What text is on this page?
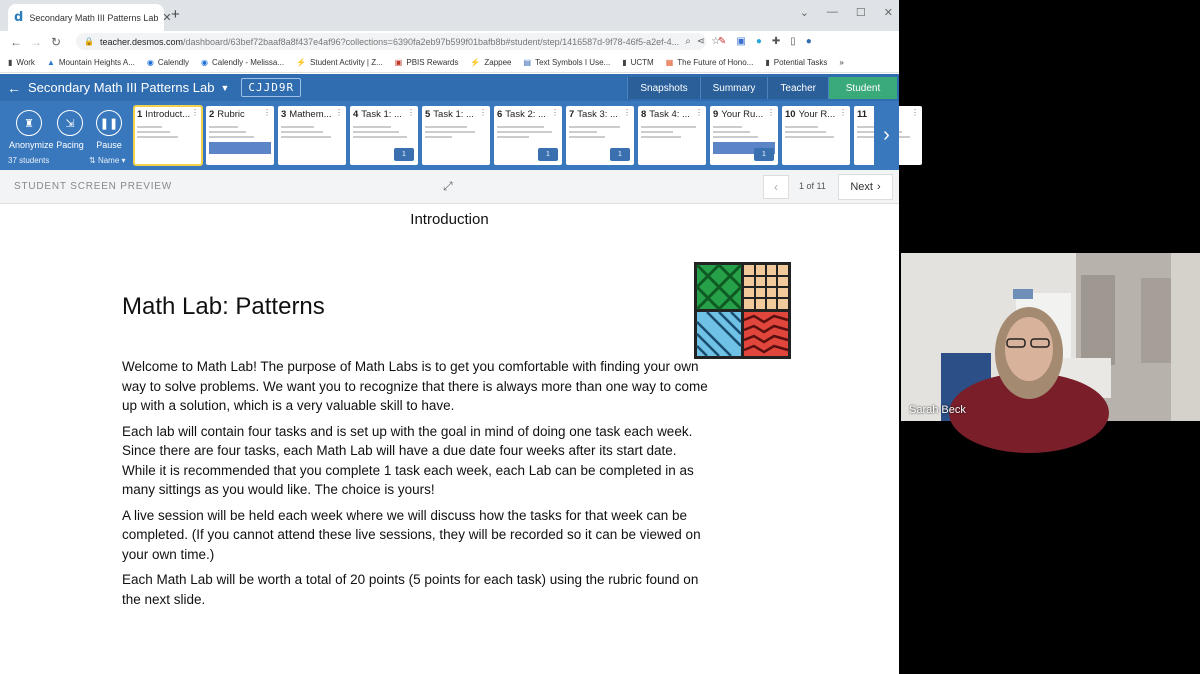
d Secondary Math III Patterns Lab ✕ +	⌄ — ☐ ✕
← → ↻	🔒 teacher.desmos.com/dashboard/63bef72baaf8a8f437e4af96?collections=6390fa2eb97b599f01bafb8b#student/step/1416587d-9f78-46f5-a2ef-4... ⌕ ⋖ ☆
✎ ▣ ● ✚ ▯ ●
▮ Work ▲ Mountain Heights A... ◉ Calendly ◉ Calendly - Melissa... ⚡ Student Activity | Z... ▣ PBIS Rewards ⚡ Zappee ▤ Text Symbols I Use... ▮ UCTM ▦ The Future of Hono... ▮ Potential Tasks »
← Secondary Math III Patterns Lab ▼	CJJD9R	Snapshots	Summary	Teacher	Student
♜
Anonymize
⇲
Pacing
❚❚
Pause
37 students	⇅ Name ▾
1 Introduct... ⋮ 2 Rubric ⋮ 3 Mathem... ⋮ 4 Task 1: ... ⋮
1
5 Task 1: ... ⋮ 6 Task 2: ... ⋮
1
7 Task 3: ... ⋮
1
8 Task 4: ... ⋮ 9 Your Ru... ⋮
1
10 Your R... ⋮ 11	⋮
›
STUDENT SCREEN PREVIEW	⤢	‹	1 of 11 Next ›
Introduction
Math Lab: Patterns

Welcome to Math Lab! The purpose of Math Labs is to get you comfortable with finding your own way to solve problems. We want you to recognize that there is always more than one way to come up with a solution, which is a very valuable skill to have.

Each lab will contain four tasks and is set up with the goal in mind of doing one task each week. Since there are four tasks, each Math Lab will have a due date four weeks after its start date. While it is recommended that you complete 1 task each week, each Lab can be completed in as many sittings as you would like. The choice is yours!

A live session will be held each week where we will discuss how the tasks for that week can be completed. (If you cannot attend these live sessions, they will be recorded so it can be viewed on your own time.)

Each Math Lab will be worth a total of 20 points (5 points for each task) using the rubric found on the next slide.

Sarah Beck
